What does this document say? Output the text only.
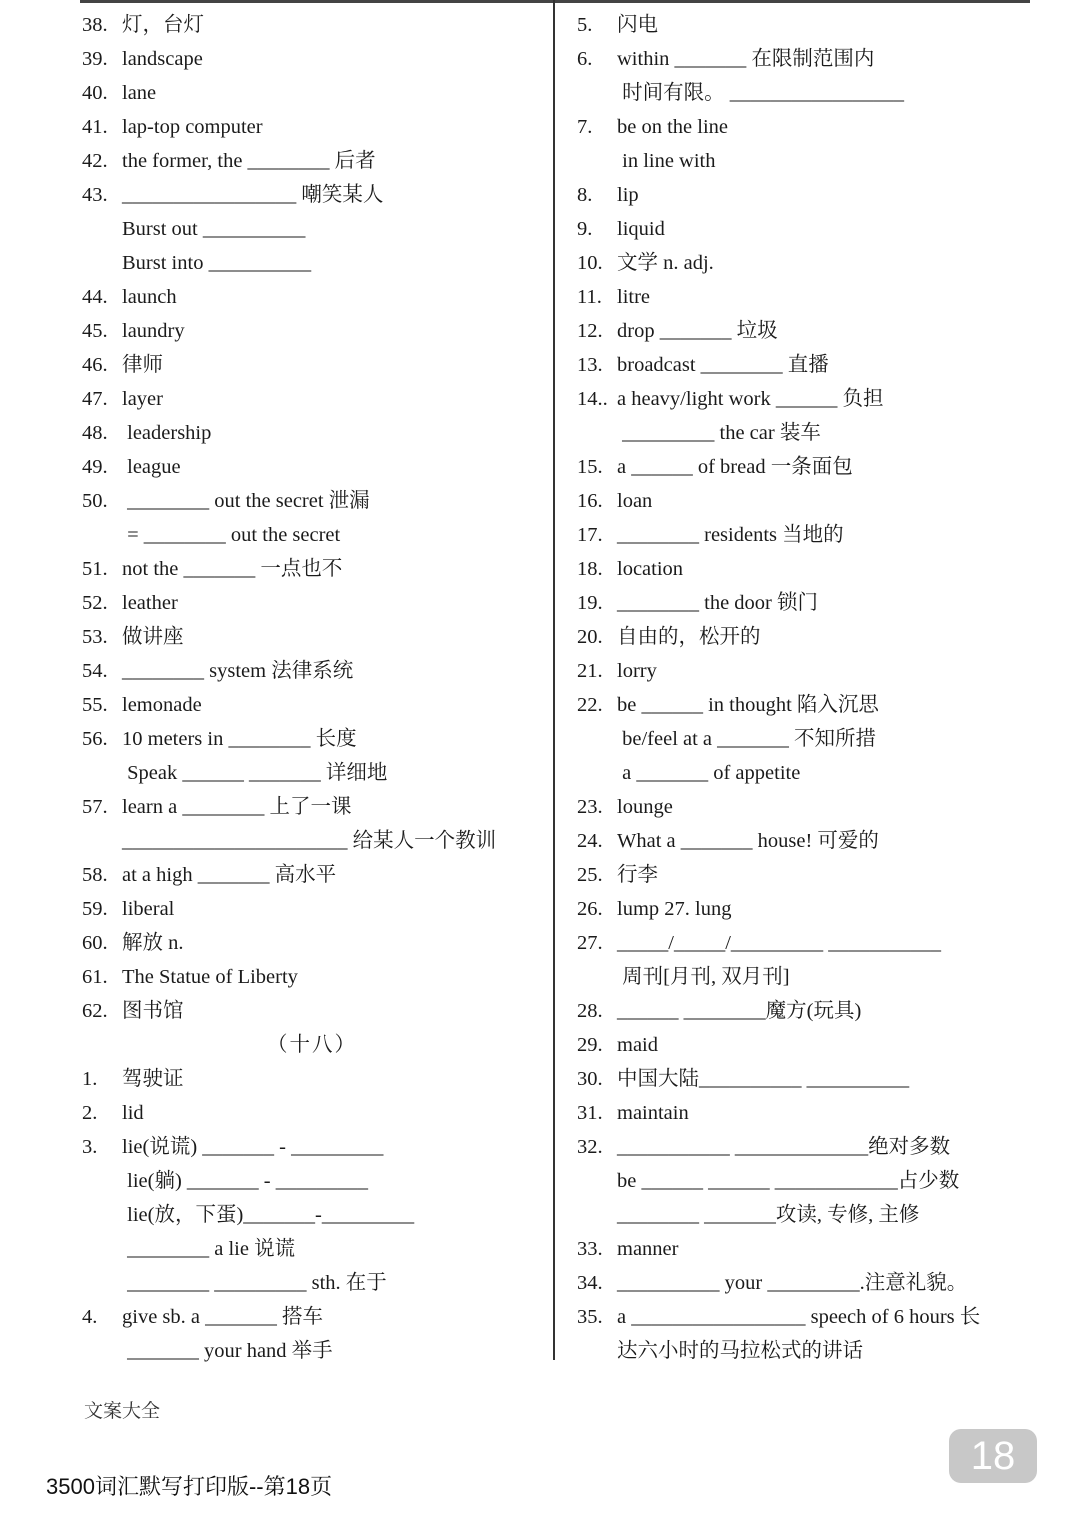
38. 灯，台灯
39. landscape
40. lane
41. lap-top computer
42. the former, the ________ 后者
43. _________________ 嘲笑某人
Burst out __________
Burst into __________
44. launch
45. laundry
46. 律师
47. layer
48. leadership
49. league
50. ________ out the secret 泄漏
= ________ out the secret
51. not the _______ 一点也不
52. leather
53. 做讲座
54. ________ system 法律系统
55. lemonade
56. 10 meters in ________ 长度
Speak ______ _______ 详细地
57. learn a ________ 上了一课
______________________ 给某人一个教训
58. at a high _______ 高水平
59. liberal
60. 解放 n.
61. The Statue of Liberty
62. 图书馆
（十八）
1. 驾驶证
2. lid
3. lie(说谎) _______ - _________
lie(躺) _______ - _________
lie(放，下蛋)_______-_________
________ a lie 说谎
________ _________ sth. 在于
4. give sb. a _______ 搭车
_______ your hand 举手
5. 闪电
6. within _______ 在限制范围内
时间有限。 _________________
7. be on the line
in line with
8. lip
9. liquid
10. 文学 n. adj.
11. litre
12. drop _______ 垃圾
13. broadcast ________ 直播
14.. a heavy/light work ______ 负担
_________ the car 装车
15. a ______ of bread 一条面包
16. loan
17. ________ residents 当地的
18. location
19. ________ the door 锁门
20. 自由的，松开的
21. lorry
22. be ______ in thought 陷入沉思
be/feel at a _______ 不知所措
a _______ of appetite
23. lounge
24. What a _______ house! 可爱的
25. 行李
26. lump 27. lung
27. _____/_____/_________ ___________
周刊[月刊, 双月刊]
28. ______ ________魔方(玩具)
29. maid
30. 中国大陆__________ __________
31. maintain
32. ___________ _____________绝对多数
be ______ ______ ____________占少数
________ _______攻读, 专修, 主修
33. manner
34. __________ your _________.注意礼貌。
35. a _________________ speech of 6 hours 长
达六小时的马拉松式的讲话
文案大全
3500词汇默写打印版--第18页
18
